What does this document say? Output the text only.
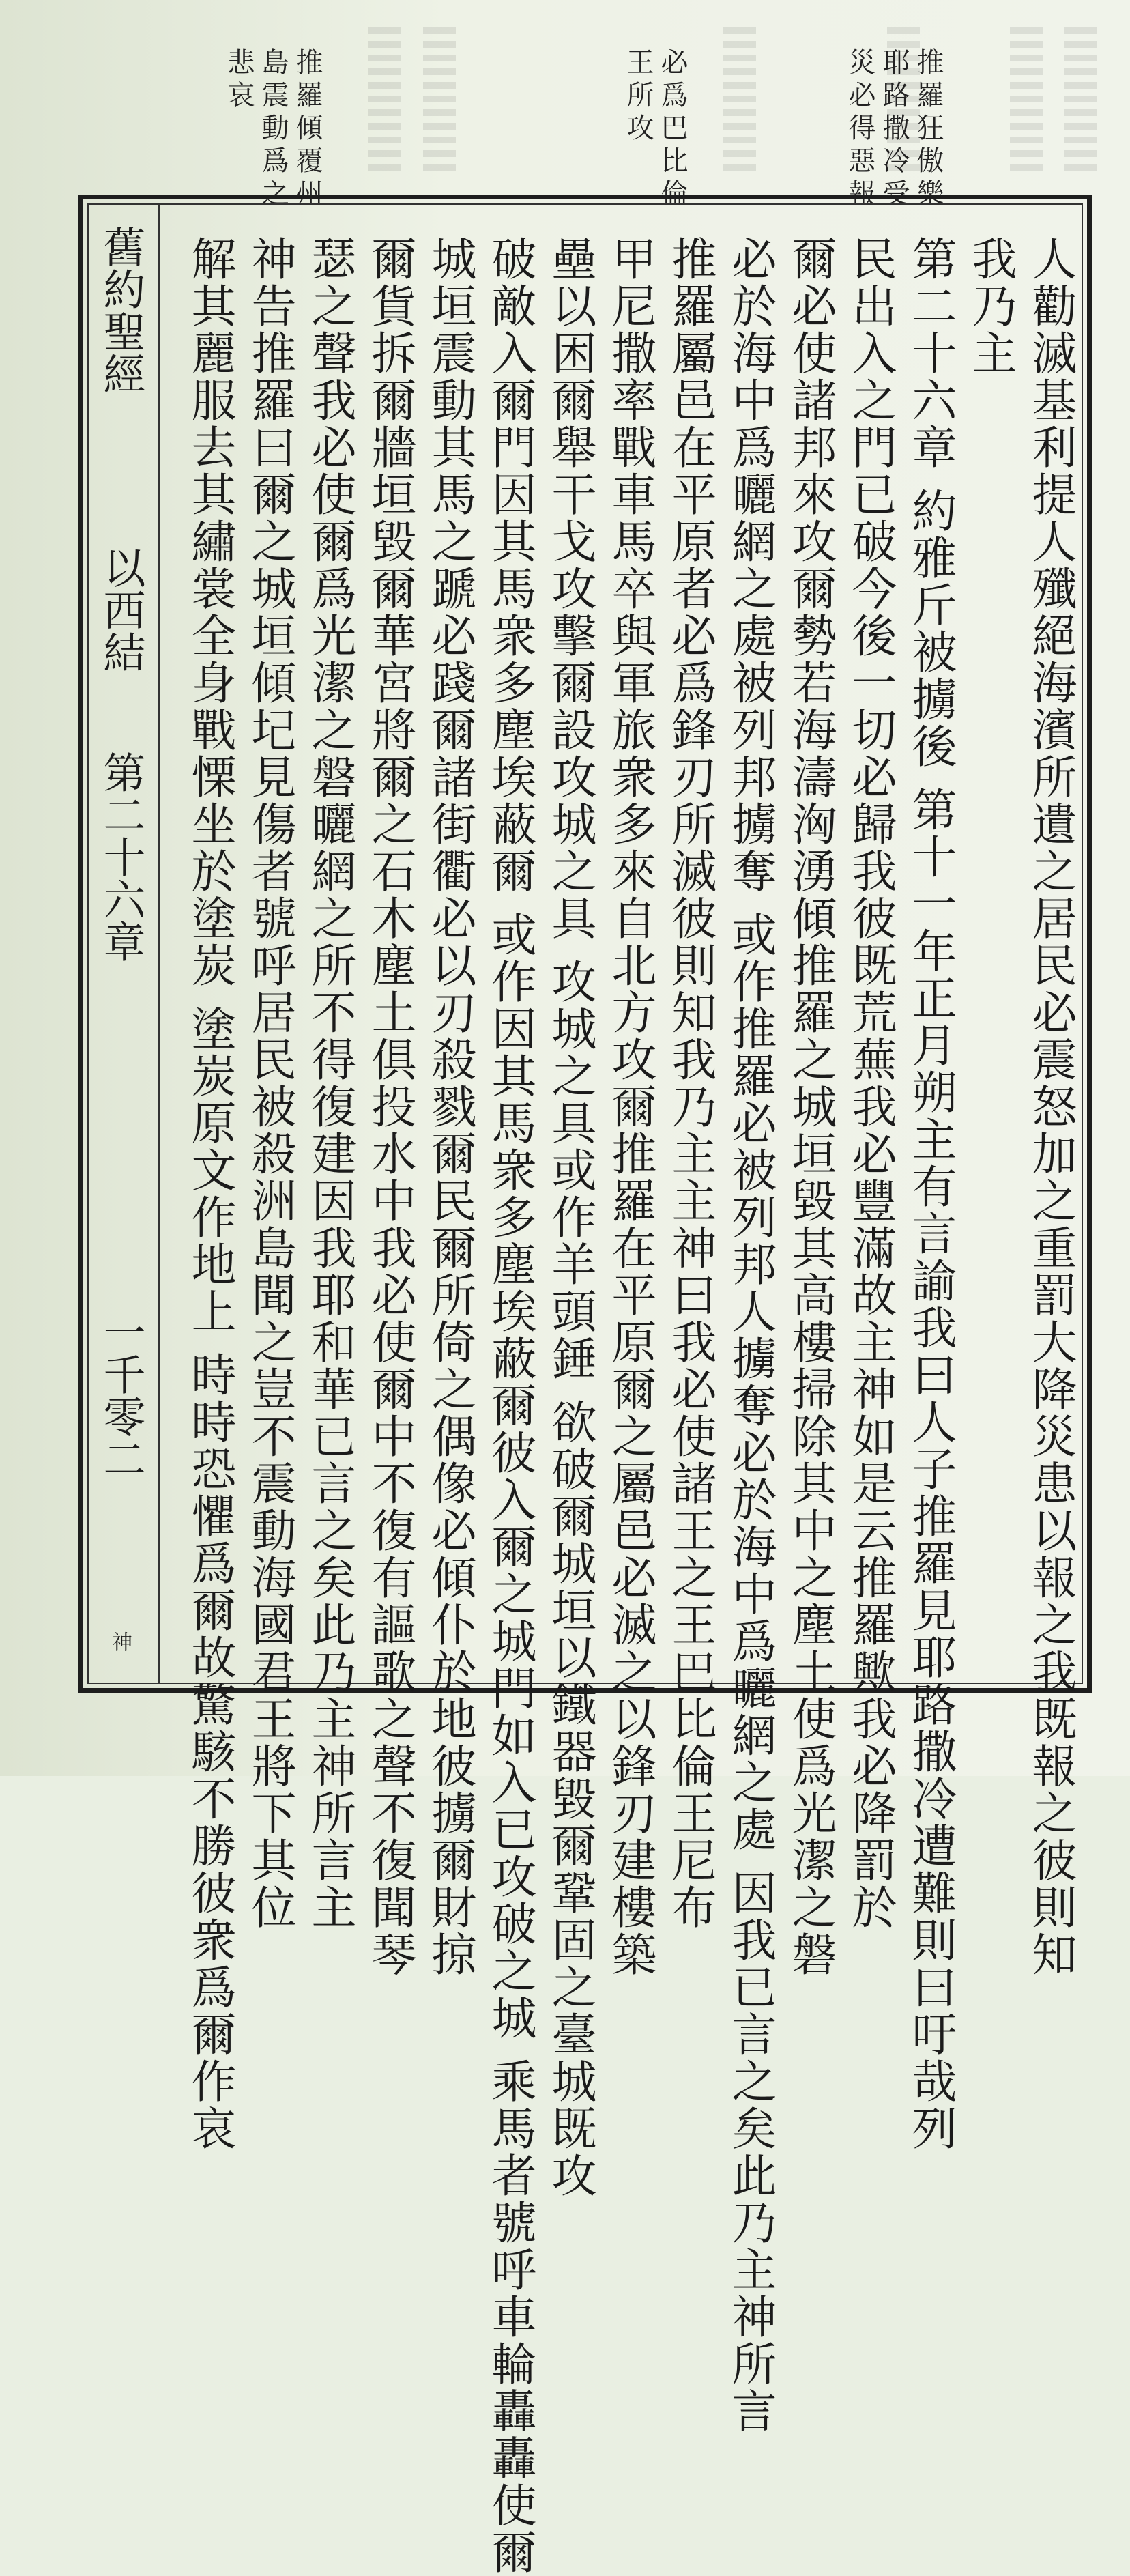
推羅狂傲樂
耶路撒冷受
災必得惡報
必爲巴比倫
王所攻
推羅傾覆州
島震動爲之
悲哀
人勸滅基利提人殲絕海濱所遺之居民必震怒加之重罰大降災患以報之我既報之彼則知
我乃主
第二十六章 約雅斤被擄後 第十一年正月朔主有言諭我曰人子推羅見耶路撒冷遭難則曰吁哉列
民出入之門已破今後一切必歸我彼既荒蕪我必豐滿故主神如是云推羅歟我必降罰於
爾必使諸邦來攻爾勢若海濤洶湧傾推羅之城垣毀其高樓掃除其中之塵土使爲光潔之磐
必於海中爲曬網之處被列邦擄奪 或作推羅必被列邦人擄奪必於海中爲曬網之處 因我已言之矣此乃主神所言
推羅屬邑在平原者必爲鋒刃所滅彼則知我乃主主神曰我必使諸王之王巴比倫王尼布
甲尼撒率戰車馬卒與軍旅衆多來自北方攻爾推羅在平原爾之屬邑必滅之以鋒刃建樓築
壘以困爾舉干戈攻擊爾設攻城之具 攻城之具或作羊頭錘 欲破爾城垣以鐵器毀爾鞏固之臺城既攻
破敵入爾門因其馬衆多塵埃蔽爾 或作因其馬衆多塵埃蔽爾彼入爾之城門如入已攻破之城 乘馬者號呼車輪轟轟使爾
城垣震動其馬之蹏必踐爾諸街衢必以刃殺戮爾民爾所倚之偶像必傾仆於地彼擄爾財掠
爾貨拆爾牆垣毀爾華宮將爾之石木塵土俱投水中我必使爾中不復有謳歌之聲不復聞琴
瑟之聲我必使爾爲光潔之磐曬網之所不得復建因我耶和華已言之矣此乃主神所言主
神告推羅曰爾之城垣傾圮見傷者號呼居民被殺洲島聞之豈不震動海國君王將下其位
解其麗服去其繡裳全身戰慄坐於塗炭 塗炭原文作地上 時時恐懼爲爾故驚駭不勝彼衆爲爾作哀
舊約聖經
以西結
第二十六章
一千零二
神
